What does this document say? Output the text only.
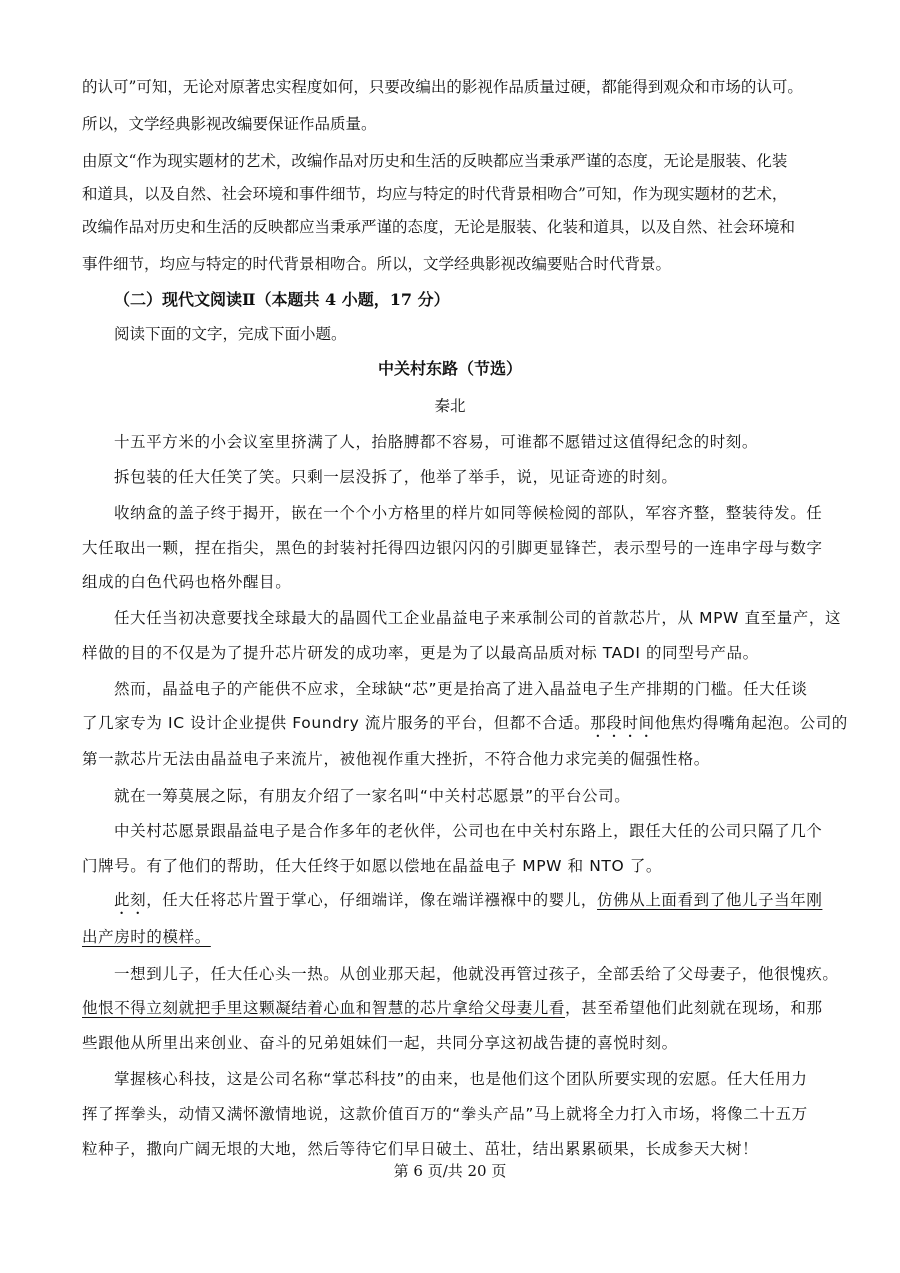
的认可”可知，无论对原著忠实程度如何，只要改编出的影视作品质量过硬，都能得到观众和市场的认可。
所以，文学经典影视改编要保证作品质量。
由原文“作为现实题材的艺术，改编作品对历史和生活的反映都应当秉承严谨的态度，无论是服装、化装
和道具，以及自然、社会环境和事件细节，均应与特定的时代背景相吻合”可知，作为现实题材的艺术，
改编作品对历史和生活的反映都应当秉承严谨的态度，无论是服装、化装和道具，以及自然、社会环境和
事件细节，均应与特定的时代背景相吻合。所以，文学经典影视改编要贴合时代背景。
（二）现代文阅读Ⅱ（本题共 4 小题，17 分）
阅读下面的文字，完成下面小题。
中关村东路（节选）
秦北
十五平方米的小会议室里挤满了人，抬胳膊都不容易，可谁都不愿错过这值得纪念的时刻。
拆包装的任大任笑了笑。只剩一层没拆了，他举了举手，说，见证奇迹的时刻。
收纳盒的盖子终于揭开，嵌在一个个小方格里的样片如同等候检阅的部队，军容齐整，整装待发。任
大任取出一颗，捏在指尖，黑色的封装衬托得四边银闪闪的引脚更显锋芒，表示型号的一连串字母与数字
组成的白色代码也格外醒目。
任大任当初决意要找全球最大的晶圆代工企业晶益电子来承制公司的首款芯片，从 MPW 直至量产，这
样做的目的不仅是为了提升芯片研发的成功率，更是为了以最高品质对标 TADI 的同型号产品。
然而，晶益电子的产能供不应求，全球缺“芯”更是抬高了进入晶益电子生产排期的门槛。任大任谈
了几家专为 IC 设计企业提供 Foundry 流片服务的平台，但都不合适。那段时间他焦灼得嘴角起泡。公司的
第一款芯片无法由晶益电子来流片，被他视作重大挫折，不符合他力求完美的倔强性格。
就在一筹莫展之际，有朋友介绍了一家名叫“中关村芯愿景”的平台公司。
中关村芯愿景跟晶益电子是合作多年的老伙伴，公司也在中关村东路上，跟任大任的公司只隔了几个
门牌号。有了他们的帮助，任大任终于如愿以偿地在晶益电子 MPW 和 NTO 了。
此刻，任大任将芯片置于掌心，仔细端详，像在端详襁褓中的婴儿，仿佛从上面看到了他儿子当年刚
出产房时的模样。
一想到儿子，任大任心头一热。从创业那天起，他就没再管过孩子，全部丢给了父母妻子，他很愧疚。
他恨不得立刻就把手里这颗凝结着心血和智慧的芯片拿给父母妻儿看，甚至希望他们此刻就在现场，和那
些跟他从所里出来创业、奋斗的兄弟姐妹们一起，共同分享这初战告捷的喜悦时刻。
掌握核心科技，这是公司名称“掌芯科技”的由来，也是他们这个团队所要实现的宏愿。任大任用力
挥了挥拳头，动情又满怀激情地说，这款价值百万的“拳头产品”马上就将全力打入市场，将像二十五万
粒种子，撒向广阔无垠的大地，然后等待它们早日破土、茁壮，结出累累硕果，长成参天大树！
第 6 页/共 20 页
